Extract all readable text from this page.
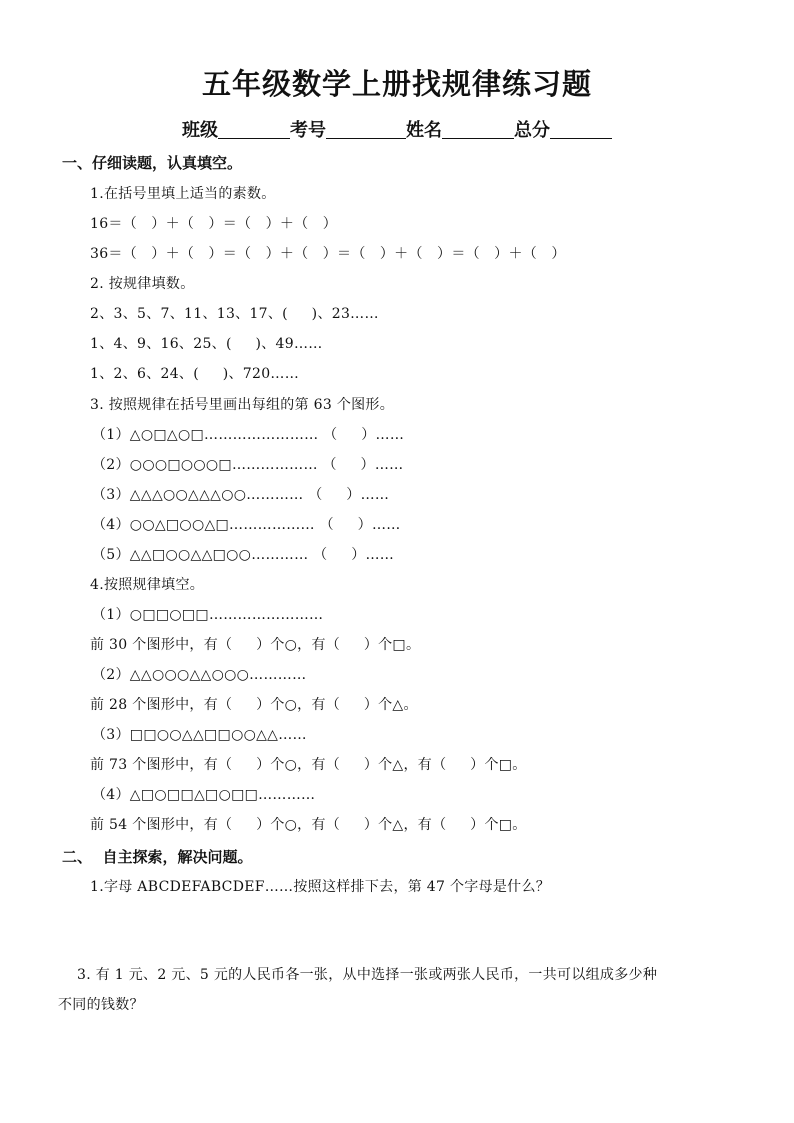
五年级数学上册找规律练习题
班级	考号	姓名	总分
一、仔细读题，认真填空。
1.在括号里填上适当的素数。
16＝（   ）＋（   ）＝（   ）＋（   ）
36＝（   ）＋（   ）＝（   ）＋（   ）＝（   ）＋（   ）＝（   ）＋（   ）
2. 按规律填数。
2、3、5、7、11、13、17、(     )、23……
1、4、9、16、25、(     )、49……
1、2、6、24、(     )、720……
3. 按照规律在括号里画出每组的第 63 个图形。
（1）△○□△○□…………………… （     ）……
（2）○○○□○○○□……………… （     ）……
（3）△△△○○△△△○○………… （     ）……
（4）○○△□○○△□……………… （     ）……
（5）△△□○○△△□○○………… （     ）……
4.按照规律填空。
（1）○□□○□□……………………
前 30 个图形中，有（     ）个○，有（     ）个□。
（2）△△○○○△△○○○…………
前 28 个图形中，有（     ）个○，有（     ）个△。
（3）□□○○△△□□○○△△……
前 73 个图形中，有（     ）个○，有（     ）个△，有（     ）个□。
（4）△□○□□△□○□□…………
前 54 个图形中，有（     ）个○，有（     ）个△，有（     ）个□。
二、  自主探索，解决问题。
1.字母 ABCDEFABCDEF……按照这样排下去，第 47 个字母是什么？
3. 有 1 元、2 元、5 元的人民币各一张，从中选择一张或两张人民币，一共可以组成多少种
不同的钱数？
